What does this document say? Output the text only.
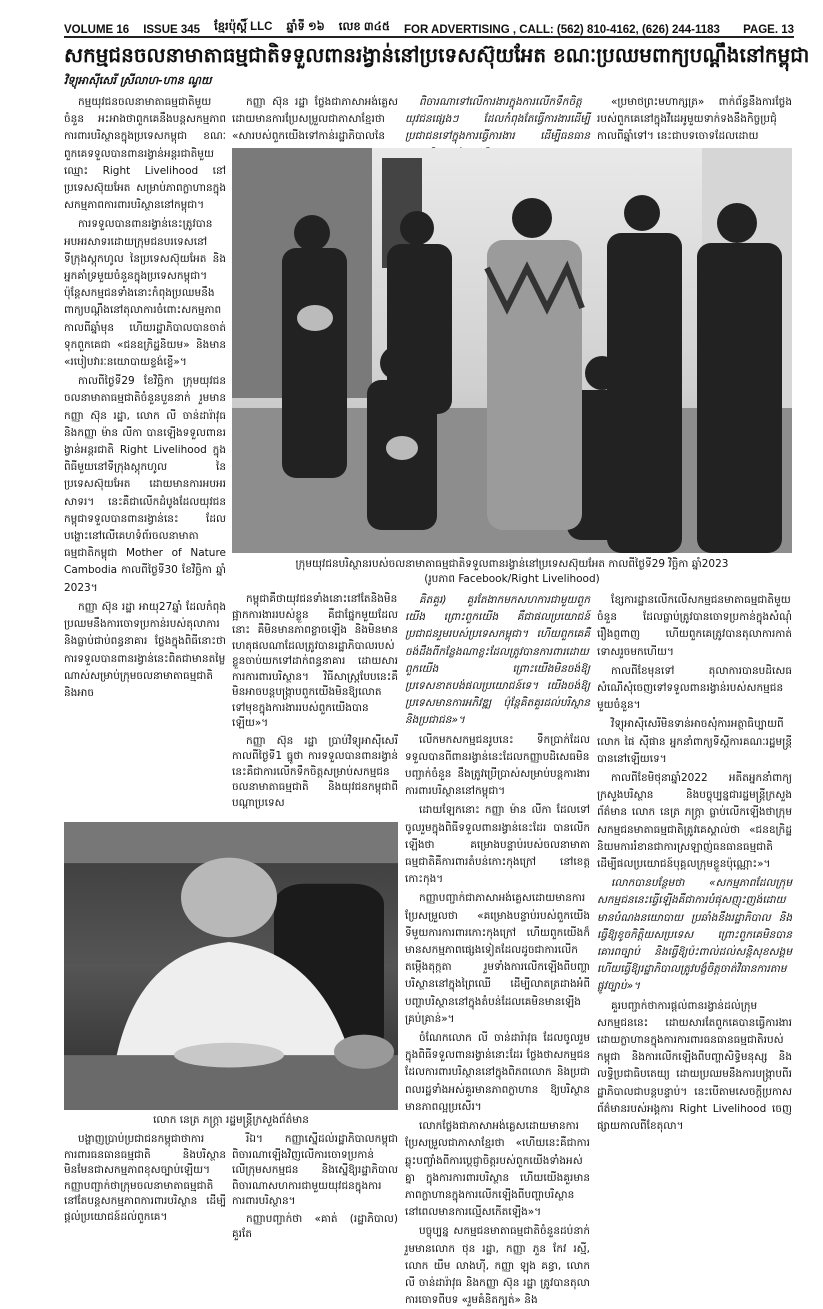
VOLUME 16 ISSUE 345 ខ្មែរប៉ុស្តិ៍ LLC ឆ្នាំទី ១៦ លេខ ៣៤៥ FOR ADVERTISING , CALL: (562) 810-4162, (626) 244-1183 PAGE. 13
សកម្មជនចលនាមាតាធម្មជាតិទទួលពានរង្វាន់នៅប្រទេសស៊ុយអែត ខណៈប្រឈមពាក្យបណ្ដឹងនៅកម្ពុជា
វិទ្យុអាស៊ីសេរី ស្រីលាហ-ហាន ណូយ

កម្មយុវជនចលនាមាតាធម្មជាតិមួយចំនួន អះអាងថាពួកគេនឹងបន្តសកម្មភាពការពារបរិស្ថានក្នុងប្រទេសកម្ពុជា ខណៈពួកគេទទួលបានពានរង្វាន់អន្តរជាតិមួយឈ្មោះ Right Livelihood នៅប្រទេសស៊ុយអែត សម្រាប់ភាពក្លាហានក្នុងសកម្មភាពការពារបរិស្ថាននៅកម្ពុជា។

ការទទួលបានពានរង្វាន់នេះត្រូវបានអបអរសាទរដោយក្រុមជនបរទេសនៅទីក្រុងស្តុកហូល នៃប្រទេសស៊ុយអែត និងអ្នកគាំទ្រមួយចំនួនក្នុងប្រទេសកម្ពុជា។ ប៉ុន្តែសកម្មជនទាំងនោះកំពុងប្រឈមនឹងពាក្យបណ្ដឹងនៅតុលាការចំពោះសកម្មភាព កាលពីឆ្នាំមុន ហើយរដ្ឋាភិបាលបានចាត់ទុកពួកគេជា «ជនឧក្រិដ្ឋនិយម» និងមាន «របៀបវារៈនយោបាយខ្ទង់ខ្ទើ»។

កាលពីថ្ងៃទី29 ខែវិច្ឆិកា ក្រុមយុវជនចលនាមាតាធម្មជាតិចំនួនបួននាក់ រួមមានកញ្ញា ស៊ុន រដ្ឋា, លោក លី ចាន់ដារ៉ាវុធ និងកញ្ញា ម៉ាន លីកា បានឡើងទទួលពានរង្វាន់អន្តរជាតិ Right Livelihood ក្នុងពិធីមួយនៅទីក្រុងស្តុកហូល នៃប្រទេសស៊ុយអែត ដោយមានការអបអរសាទរ។ នេះគឺជាលើកដំបូងដែលយុវជនកម្ពុជាទទួលបានពានរង្វាន់នេះ ដែលបង្ហោះនៅលើគេហទំព័រចលនាមាតាធម្មជាតិកម្ពុជា Mother of Nature Cambodia កាលពីថ្ងៃទី30 ខែវិច្ឆិកា ឆ្នាំ 2023។

កញ្ញា ស៊ុន រដ្ឋា អាយុ27ឆ្នាំ ដែលកំពុងប្រឈមនឹងការចោទប្រកាន់របស់តុលាការ និងធ្លាប់ជាប់ពន្ធនាគារ ថ្លែងក្នុងពិធីនោះថាការទទួលបានពានរង្វាន់នេះពិតជាមានតម្លៃណាស់សម្រាប់ក្រុមចលនាមាតាធម្មជាតិ និងអាច

កញ្ញា ស៊ុន រដ្ឋា ថ្លែងជាភាសាអង់គ្លេស ដោយមានការប្រែសម្រួលជាភាសាខ្មែរថា «សារបស់ពួកយើងទៅកាន់រដ្ឋាភិបាលនៃ

ពិចារណាទៅលើការងារក្នុងការលើកទឹកចិត្តយុវជនផ្សេងៗ ដែលកំពុងតែធ្វើការងារដើម្បីប្រជាជនទៅក្នុងការធ្វើការងារ ដើម្បីធនធាន

«ប្រមាថព្រះមហាក្សត្រ» ពាក់ព័ន្ធនឹងការថ្លែងរបស់ពួកគេនៅក្នុងវីដេអូមួយទាក់ទងនឹងកិច្ចប្រជុំកាលពីឆ្នាំទៅ។ នេះជាបទចោទដែលដោយ

ក្រុមយុវជនបរិស្ថានរបស់ចលនាមាតាធម្មជាតិទទួលពានរង្វាន់នៅប្រទេសស៊ុយអែត កាលពីថ្ងៃទី29 វិច្ឆិកា ឆ្នាំ2023
(រូបភាព Facebook/Right Livelihood)

កម្ពុជាគឺថាយុវជនទាំងនោះនៅតែនិងមិនផ្អាកការងាររបស់ខ្លួន គឺជាផ្នែកមួយដែលនោះ គឺមិនមានភាពខ្លាចឡើង និងមិនមានហេតុផលណាដែលត្រូវបានរដ្ឋាភិបាលរបស់ខ្លួនចាប់យកទៅដាក់ពន្ធនាគារ ដោយសារការការពារបរិស្ថាន។ វិធីសាស្ត្របែបនេះគឺមិនអាចបន្តបង្ក្រាបពួកយើងមិនឱ្យលោតទៅមុខក្នុងការងាររបស់ពួកយើងបានឡើយ»។

កញ្ញា ស៊ុន រដ្ឋា ប្រាប់វិទ្យុអាស៊ីសេរីកាលពីថ្ងៃទី1 ធ្នូថា ការទទួលបានពានរង្វាន់នេះគឺជាការលើកទឹកចិត្តសម្រាប់សកម្មជនចលនាមាតាធម្មជាតិ និងយុវជនកម្ពុជាពីបណ្ដាប្រទេស

គិតគួរ) គួរតែងាកមកសហការជាមួយពួកយើង ព្រោះពួកយើង គឺជាផលប្រយោជន៍ប្រជាជនរួមរបស់ប្រទេសកម្ពុជា។ ហើយពួកគេគឺចង់ដឹងពីកន្លែងណាខ្លះដែលត្រូវបានការពារដោយពួកយើង ព្រោះយើងមិនចង់ឱ្យប្រទេសខាតបង់ផលប្រយោជន៍ទេ។ យើងចង់ឱ្យប្រទេសមានការអភិវឌ្ឍ ប៉ុន្តែគិតគួរដល់បរិស្ថាន និងប្រជាជន»។

លើកមកសកម្មជនរូបនេះ ទឹកប្រាក់ដែលទទួលបានពីពានរង្វាន់នេះដែលកញ្ញាបដិសេធមិនបញ្ជាក់ចំនួន នឹងត្រូវប្រើប្រាស់សម្រាប់បន្តការងារការពារបរិស្ថាននៅកម្ពុជា។

ដោយឡែកនោះ កញ្ញា ម៉ាន លីកា ដែលទៅចូលរួមក្នុងពិធីទទួលពានរង្វាន់នេះដែរ បានលើកឡើងថា គម្រោងបន្ទាប់របស់ចលនាមាតាធម្មជាតិគឺការពារតំបន់កោះកុងក្រៅ នៅខេត្តកោះកុង។

កញ្ញាបញ្ជាក់ជាភាសាអង់គ្លេសដោយមានការប្រែសម្រួលថា «គម្រោងបន្ទាប់របស់ពួកយើង ទីមួយការការពារកោះកុងក្រៅ ហើយពួកយើងក៏មានសកម្មភាពផ្សេងទៀតដែលដូចជាការលើកតម្កើងតុក្កតា រួមទាំងការលើកឡើងពីបញ្ហាបរិស្ថាននៅក្នុងព្រៃឈើ ដើម្បីលាតត្រដាងអំពីបញ្ហាបរិស្ថាននៅក្នុងតំបន់ដែលគេមិនមានឡើងគ្រប់គ្រាន់»។

ចំណែកលោក លី ចាន់ដារ៉ាវុធ ដែលចូលរួមក្នុងពិធីទទួលពានរង្វាន់នោះដែរ ថ្លែងថាសកម្មជនដែលការពារបរិស្ថាននៅក្នុងពិភពលោក និងប្រជាពលរដ្ឋទាំងអស់គួរមានភាពក្លាហាន ឱ្យបរិស្ថានមានភាពល្អប្រសើរ។

លោកថ្លែងជាភាសាអង់គ្លេសដោយមានការប្រែសម្រួលជាភាសាខ្មែរថា «ហើយនេះគឺជាការឆ្លុះបញ្ចាំងពីការប្ដេជ្ញាចិត្តរបស់ពួកយើងទាំងអស់គ្នា ក្នុងការការពារបរិស្ថាន ហើយយើងគួរមានភាពក្លាហានក្នុងការលើកឡើងពីបញ្ហាបរិស្ថាននៅពេលមានការល្មើសកើតឡើង»។

បច្ចុប្បន្ន សកម្មជនមាតាធម្មជាតិចំនួនដប់នាក់ រួមមានលោក ថុន រដ្ឋា, កញ្ញា ភួន កែវ រស្មី, លោក យឹម លាងហ៊ី, កញ្ញា ឡុង គន្ធា, លោក លី ចាន់ដារ៉ាវុធ និងកញ្ញា ស៊ុន រដ្ឋា ត្រូវបានតុលាការចោទពីបទ «រួមគំនិតក្បត់» និង

ខ្សែការដ្ឋានលើកលើសកម្មជនមាតាធម្មជាតិមួយចំនួន ដែលធ្លាប់ត្រូវបានចោទប្រកាន់ក្នុងសំណុំរឿងព្ញពាញ ហើយពួកគេត្រូវបានតុលាការកាត់ទោសរួចមកហើយ។

កាលពីខែមុនទៅ តុលាការបានបដិសេធសំណើសុំចេញទៅទទួលពានរង្វាន់របស់សកម្មជនមួយចំនួន។

វិទ្យុអាស៊ីសេរីមិនទាន់អាចសុំការអត្ថាធិប្បាយពីលោក ផៃ ស៊ីផាន អ្នកនាំពាក្យទីស្ដីការគណៈរដ្ឋមន្ត្រី បាននៅឡើយទេ។

កាលពីខែមិថុនាឆ្នាំ2022 អតីតអ្នកនាំពាក្យក្រសួងបរិស្ថាន និងបច្ចុប្បន្នជារដ្ឋមន្ត្រីក្រសួងព័ត៌មាន លោក នេត្រ ភក្ត្រា ធ្លាប់លើកឡើងថាក្រុមសកម្មជនមាតាធម្មជាតិត្រូវគេស្គាល់ថា «ជនឧក្រិដ្ឋនិយមការរំខានជាការស្រឡាញ់ធនធានធម្មជាតិ ដើម្បីផលប្រយោជន៍បុគ្គលក្រុមខ្លួនប៉ុណ្ណោះ»។

លោកបានបន្ថែមថា «សកម្មភាពដែលក្រុមសកម្មជននេះធ្វើឡើងគឺជាការបំផុសញុះញង់ដោយមានបំណងនយោបាយ ប្រឆាំងនឹងរដ្ឋាភិបាល និងធ្វើឱ្យខូចកិត្តិយសប្រទេស ព្រោះពួកគេមិនបានគោរពច្បាប់ និងធ្វើឱ្យប៉ះពាល់ដល់សន្តិសុខសង្គម ហើយធ្វើឱ្យរដ្ឋាភិបាលត្រូវបង្ខំចិត្តចាត់វិធានការតាមផ្លូវច្បាប់»។

គួរបញ្ជាក់ថាការផ្ដល់ពានរង្វាន់ដល់ក្រុមសកម្មជននេះ ដោយសារតែពួកគេបានធ្វើការងារដោយក្លាហានក្នុងការការពារធនធានធម្មជាតិរបស់កម្ពុជា និងការលើកឡើងពីបញ្ហាសិទ្ធិមនុស្ស និងលទ្ធិប្រជាធិបតេយ្យ ដោយប្រឈមនឹងការបង្ក្រាបពីរដ្ឋាភិបាលជាបន្តបន្ទាប់។ នេះបើតាមសេចក្ដីប្រកាសព័ត៌មានរបស់អង្គការ Right Livelihood ចេញផ្សាយកាលពីខែតុលា។

លោក នេត្រ ភក្ត្រា រដ្ឋមន្ត្រីក្រសួងព័ត៌មាន

បង្ហាញប្រាប់ប្រជាជនកម្ពុជាថាការការពារធនធានធម្មជាតិ និងបរិស្ថាន មិនមែនជាសកម្មភាពខុសច្បាប់ឡើយ។ កញ្ញាបញ្ជាក់ថាក្រុមចលនាមាតាធម្មជាតិនៅតែបន្តសកម្មភាពការពារបរិស្ថាន ដើម្បីផ្ដល់ប្រយោជន៍ដល់ពួកគេ។

រីឯ។ កញ្ញាស្នើដល់រដ្ឋាភិបាលកម្ពុជាពិចារណាឡើងវិញលើការចោទប្រកាន់លើក្រុមសកម្មជន និងស្នើឱ្យរដ្ឋាភិបាលពិចារណាសហការជាមួយយុវជនក្នុងការការពារបរិស្ថាន។

កញ្ញាបញ្ជាក់ថា «គាត់ (រដ្ឋាភិបាល) គួរតែ
